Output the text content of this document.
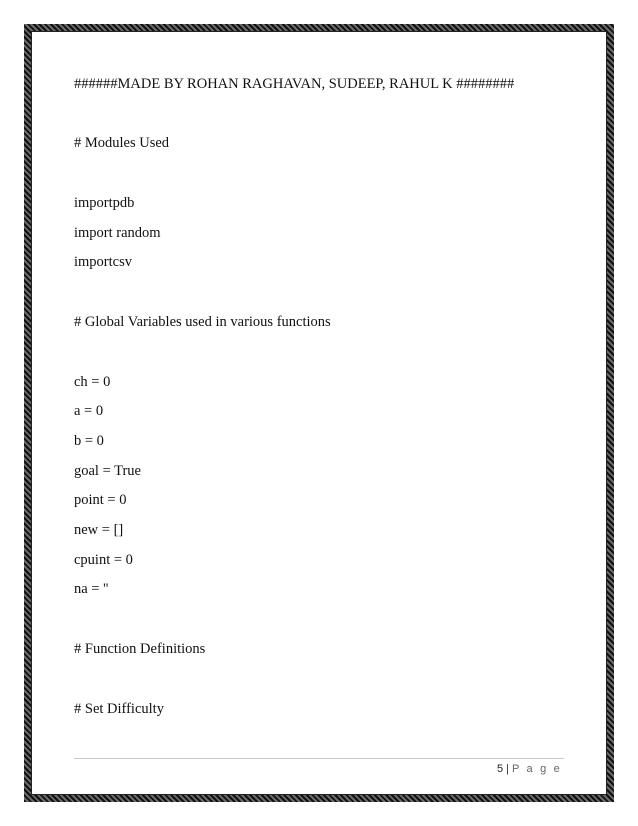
######MADE BY ROHAN RAGHAVAN, SUDEEP, RAHUL K ########
# Modules Used
importpdb
import random
importcsv
# Global Variables used in various functions
ch = 0
a = 0
b = 0
goal = True
point = 0
new = []
cpuint = 0
na = ''
# Function Definitions
# Set Difficulty
5 | P a g e
